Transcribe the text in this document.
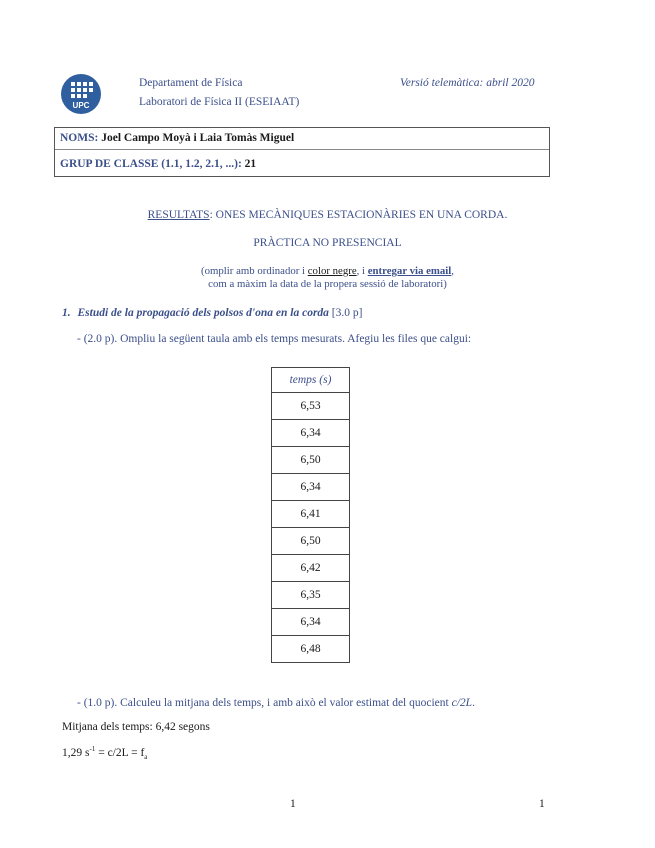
UPC
Departament de Física
Laboratori de Física II (ESEIAAT)
Versió telemàtica: abril 2020
NOMS: Joel Campo Moyà i Laia Tomàs Miguel
GRUP DE CLASSE (1.1, 1.2, 2.1, ...): 21
RESULTATS: ONES MECÀNIQUES ESTACIONÀRIES EN UNA CORDA.
PRÀCTICA NO PRESENCIAL
(omplir amb ordinador i color negre, i entregar via email,
com a màxim la data de la propera sessió de laboratori)
1. Estudi de la propagació dels polsos d'ona en la corda [3.0 p]
- (2.0 p). Ompliu la següent taula amb els temps mesurats. Afegiu les files que calgui:
temps (s)
6,53
6,34
6,50
6,34
6,41
6,50
6,42
6,35
6,34
6,48
- (1.0 p). Calculeu la mitjana dels temps, i amb això el valor estimat del quocient c/2L.
Mitjana dels temps: 6,42 segons
1,29 $s^{-1} = c/2L = f_a$
1	1
